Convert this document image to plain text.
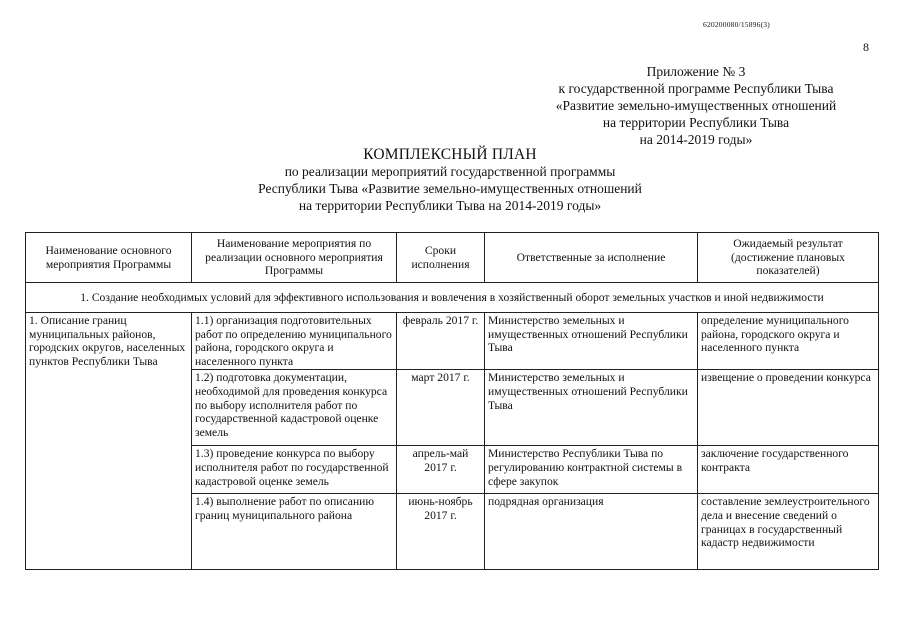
620200080/15896(3)
8
Приложение № 3
к государственной программе Республики Тыва
«Развитие земельно-имущественных отношений
на территории Республики Тыва
на 2014-2019 годы»
КОМПЛЕКСНЫЙ ПЛАН
по реализации мероприятий государственной программы
Республики Тыва «Развитие земельно-имущественных отношений
на территории Республики Тыва на 2014-2019 годы»
Наименование основного мероприятия Программы	Наименование мероприятия по реализации основного мероприятия Программы	Сроки исполнения	Ответственные за исполнение	Ожидаемый результат (достижение плановых показателей)
1. Создание необходимых условий для эффективного использования и вовлечения в хозяйственный оборот земельных участков и иной недвижимости				
1. Описание границ муниципальных районов, городских округов, населенных пунктов Республики Тыва	1.1) организация подготовительных работ по определению муниципального района, городского округа и населенного пункта	февраль 2017 г.	Министерство земельных и имущественных отношений Республики Тыва	определение муниципального района, городского округа и населенного пункта
	1.2) подготовка документации, необходимой для проведения конкурса по выбору исполнителя работ по государственной кадастровой оценке земель	март 2017 г.	Министерство земельных и имущественных отношений Республики Тыва	извещение о проведении конкурса
	1.3) проведение конкурса по выбору исполнителя работ по государственной кадастровой оценке земель	апрель-май 2017 г.	Министерство Республики Тыва по регулированию контрактной системы в сфере закупок	заключение государственного контракта
	1.4) выполнение работ по описанию границ муниципального района	июнь-ноябрь 2017 г.	подрядная организация	составление землеустроительного дела и внесение сведений о границах в государственный кадастр недвижимости
